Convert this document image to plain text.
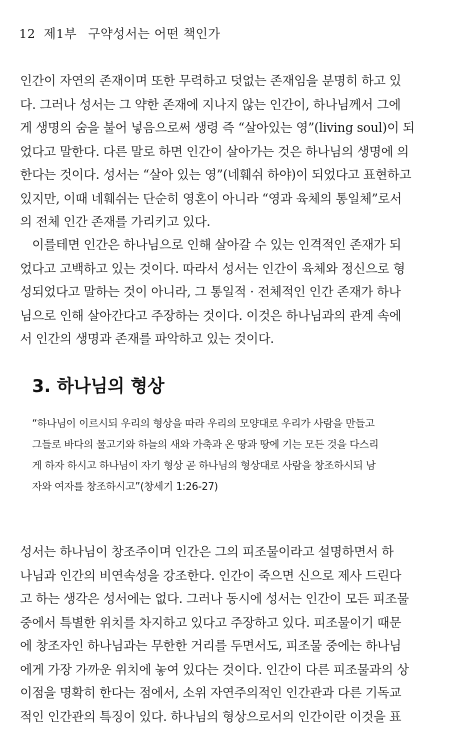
12 제1부 구약성서는 어떤 책인가
인간이 자연의 존재이며 또한 무력하고 덧없는 존재임을 분명히 하고 있
다. 그러나 성서는 그 약한 존재에 지나지 않는 인간이, 하나님께서 그에
게 생명의 숨을 불어 넣음으로써 생령 즉 “살아있는 영”(living soul)이 되
었다고 말한다. 다른 말로 하면 인간이 살아가는 것은 하나님의 생명에 의
한다는 것이다. 성서는 “살아 있는 영”(네훼쉬 하야)이 되었다고 표현하고
있지만, 이때 네훼쉬는 단순히 영혼이 아니라 “영과 육체의 통일체”로서
의 전체 인간 존재를 가리키고 있다.
이를테면 인간은 하나님으로 인해 살아갈 수 있는 인격적인 존재가 되
었다고 고백하고 있는 것이다. 따라서 성서는 인간이 육체와 정신으로 형
성되었다고 말하는 것이 아니라, 그 통일적 · 전체적인 인간 존재가 하나
님으로 인해 살아간다고 주장하는 것이다. 이것은 하나님과의 관계 속에
서 인간의 생명과 존재를 파악하고 있는 것이다.
3. 하나님의 형상
“하나님이 이르시되 우리의 형상을 따라 우리의 모양대로 우리가 사람을 만들고
그들로 바다의 물고기와 하늘의 새와 가축과 온 땅과 땅에 기는 모든 것을 다스리
게 하자 하시고 하나님이 자기 형상 곧 하나님의 형상대로 사람을 창조하시되 남
자와 여자를 창조하시고”(창세기 1:26-27)
성서는 하나님이 창조주이며 인간은 그의 피조물이라고 설명하면서 하
나님과 인간의 비연속성을 강조한다. 인간이 죽으면 신으로 제사 드린다
고 하는 생각은 성서에는 없다. 그러나 동시에 성서는 인간이 모든 피조물
중에서 특별한 위치를 차지하고 있다고 주장하고 있다. 피조물이기 때문
에 창조자인 하나님과는 무한한 거리를 두면서도, 피조물 중에는 하나님
에게 가장 가까운 위치에 놓여 있다는 것이다. 인간이 다른 피조물과의 상
이점을 명확히 한다는 점에서, 소위 자연주의적인 인간관과 다른 기독교
적인 인간관의 특징이 있다. 하나님의 형상으로서의 인간이란 이것을 표
